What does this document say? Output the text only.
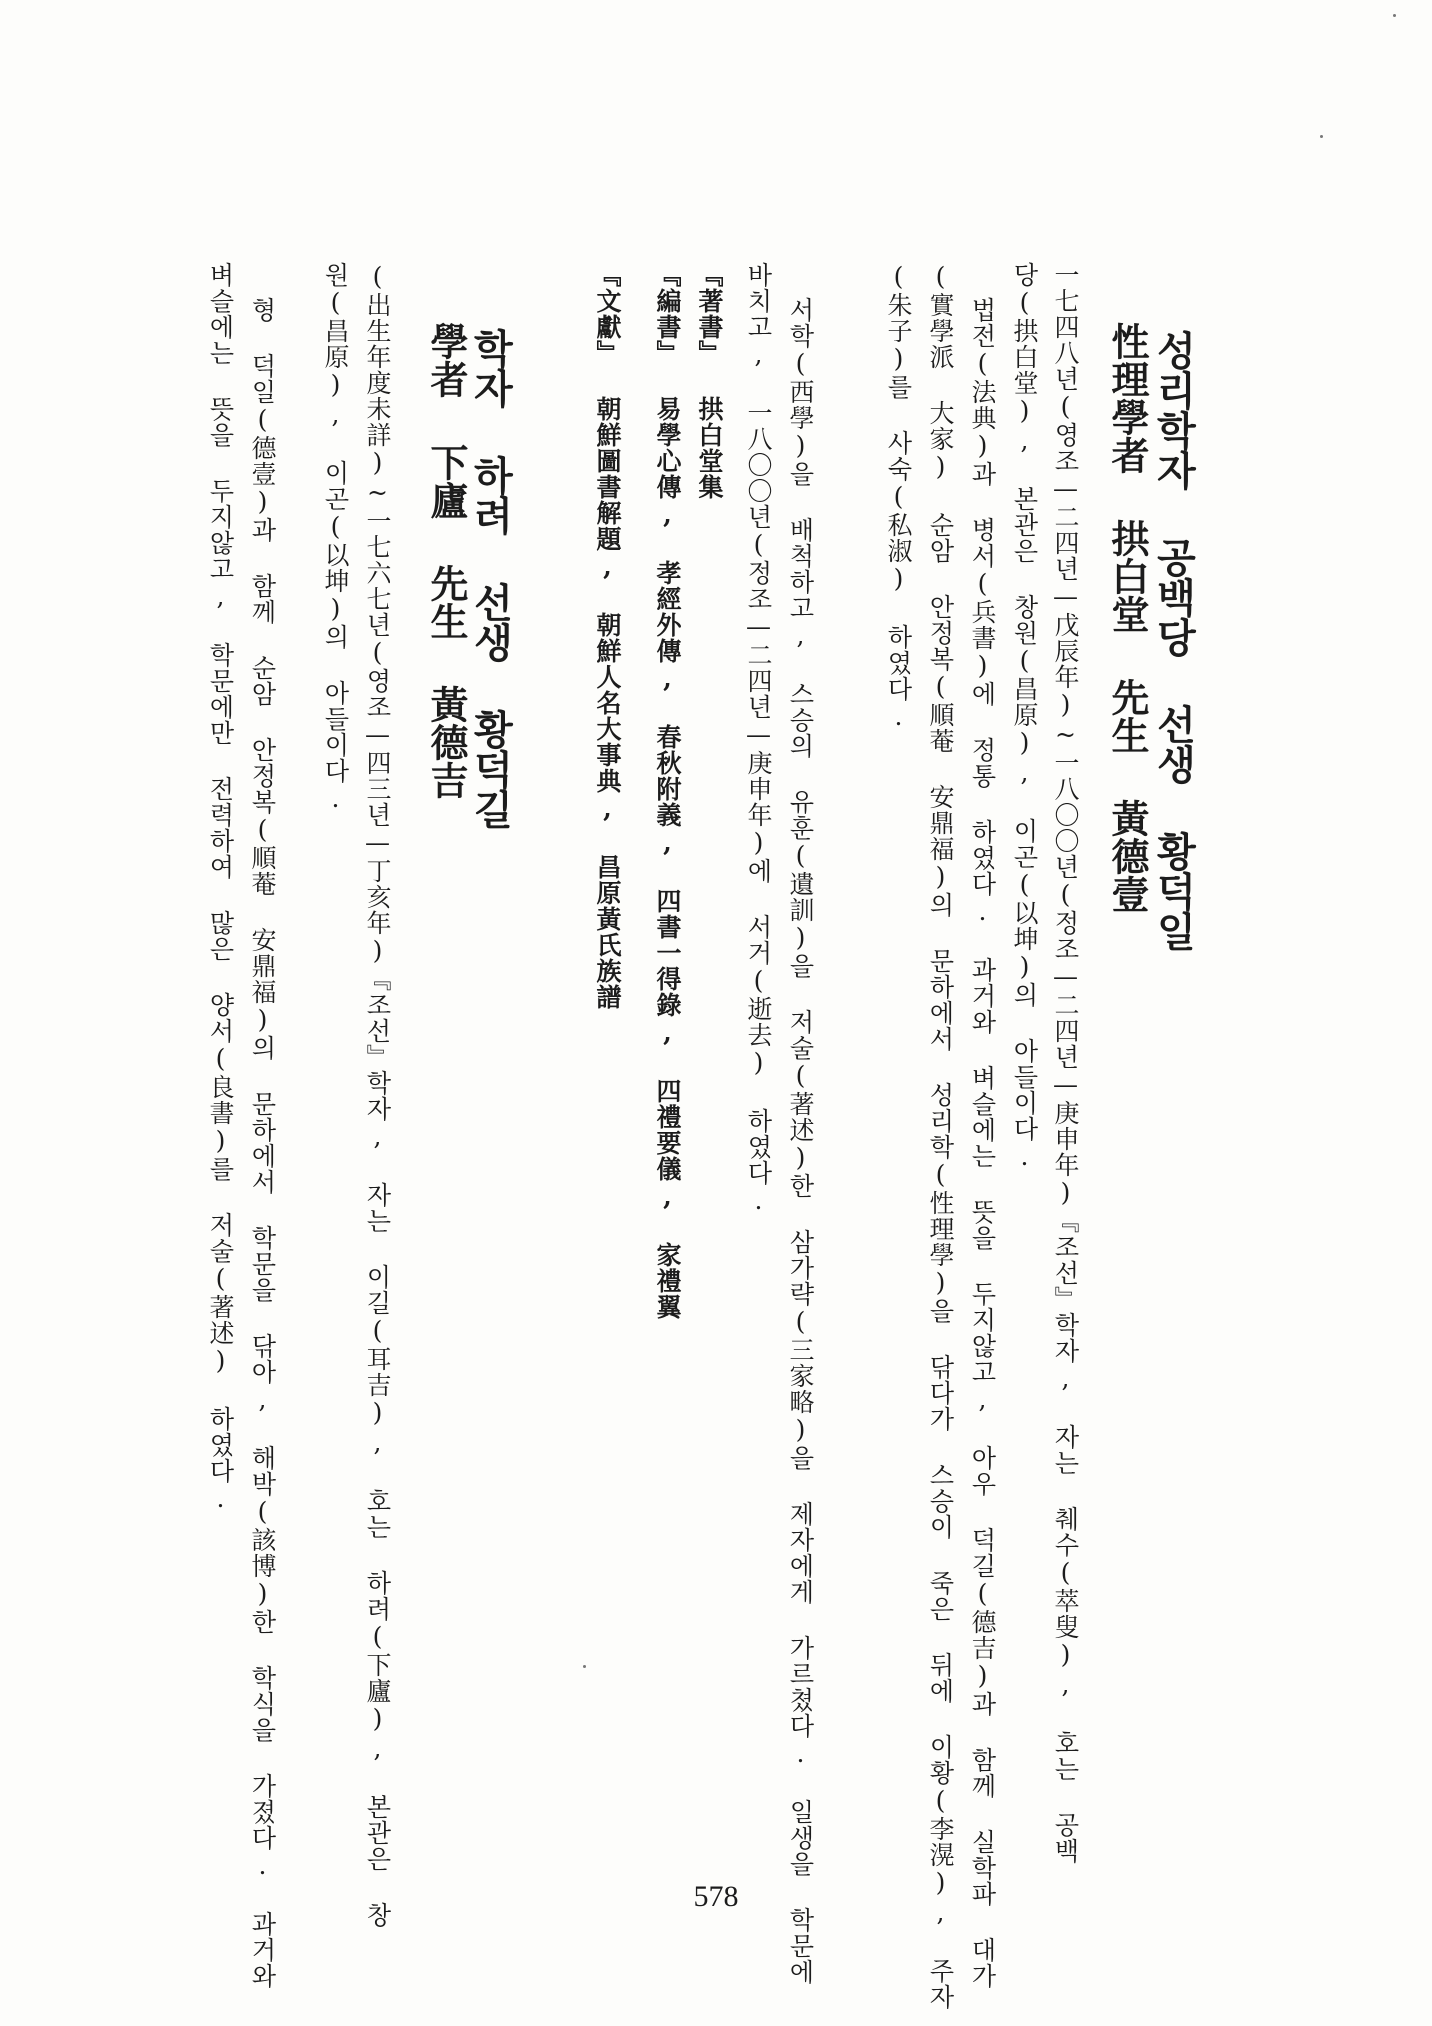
성리학자 공백당 선생 황덕일
性理學者 拱白堂 先生 黃德壹
一七四八년(영조—二四년—戊辰年)~一八〇〇년(정조—二四년—庚申年)『조선』학자, 자는 췌수(萃叟), 호는 공백
당(拱白堂), 본관은 창원(昌原), 이곤(以坤)의 아들이다.
법전(法典)과 병서(兵書)에 정통 하였다. 과거와 벼슬에는 뜻을 두지않고, 아우 덕길(德吉)과 함께 실학파 대가
(實學派 大家) 순암 안정복(順菴 安鼎福)의 문하에서 성리학(性理學)을 닦다가 스승이 죽은 뒤에 이황(李滉), 주자
(朱子)를 사숙(私淑) 하였다.
서학(西學)을 배척하고, 스승의 유훈(遺訓)을 저술(著述)한 삼가략(三家略)을 제자에게 가르쳤다. 일생을 학문에
바치고, 一八〇〇년(정조—二四년—庚申年)에 서거(逝去) 하였다.
『著書』 拱白堂集
『編書』 易學心傳, 孝經外傳, 春秋附義, 四書一得錄, 四禮要儀, 家禮翼
『文獻』 朝鮮圖書解題, 朝鮮人名大事典, 昌原黃氏族譜
학자 하려 선생 황덕길
學者 下廬 先生 黃德吉
(出生年度未詳)~一七六七년(영조—四三년—丁亥年)『조선』학자, 자는 이길(耳吉), 호는 하려(下廬), 본관은 창
원(昌原), 이곤(以坤)의 아들이다.
형 덕일(德壹)과 함께 순암 안정복(順菴 安鼎福)의 문하에서 학문을 닦아, 해박(該博)한 학식을 가졌다. 과거와
벼슬에는 뜻을 두지않고, 학문에만 전력하여 많은 양서(良書)를 저술(著述) 하였다.
578
